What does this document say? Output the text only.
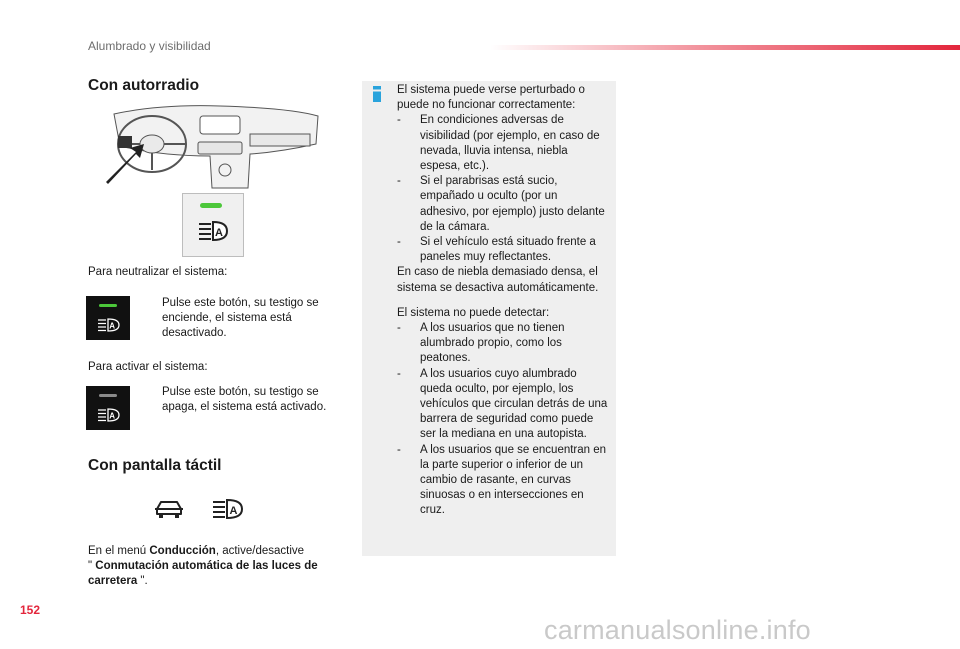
Alumbrado y visibilidad
Con autorradio
A
Para neutralizar el sistema:
A
Pulse este botón, su testigo se enciende, el sistema está desactivado.
Para activar el sistema:
A
Pulse este botón, su testigo se apaga, el sistema está activado.
Con pantalla táctil
A
En el menú Conducción, active/desactive
" Conmutación automática de las luces de carretera ".

El sistema puede verse perturbado o puede no funcionar correctamente:

-	En condiciones adversas de visibilidad (por ejemplo, en caso de nevada, lluvia intensa, niebla espesa, etc.).
-	Si el parabrisas está sucio, empañado u oculto (por un adhesivo, por ejemplo) justo delante de la cámara.
-	Si el vehículo está situado frente a paneles muy reflectantes.

En caso de niebla demasiado densa, el sistema se desactiva automáticamente.

El sistema no puede detectar:

-	A los usuarios que no tienen alumbrado propio, como los peatones.
-	A los usuarios cuyo alumbrado queda oculto, por ejemplo, los vehículos que circulan detrás de una barrera de seguridad como puede ser la mediana en una autopista.
-	A los usuarios que se encuentran en la parte superior o inferior de un cambio de rasante, en curvas sinuosas o en intersecciones en cruz.
152
carmanualsonline.info
